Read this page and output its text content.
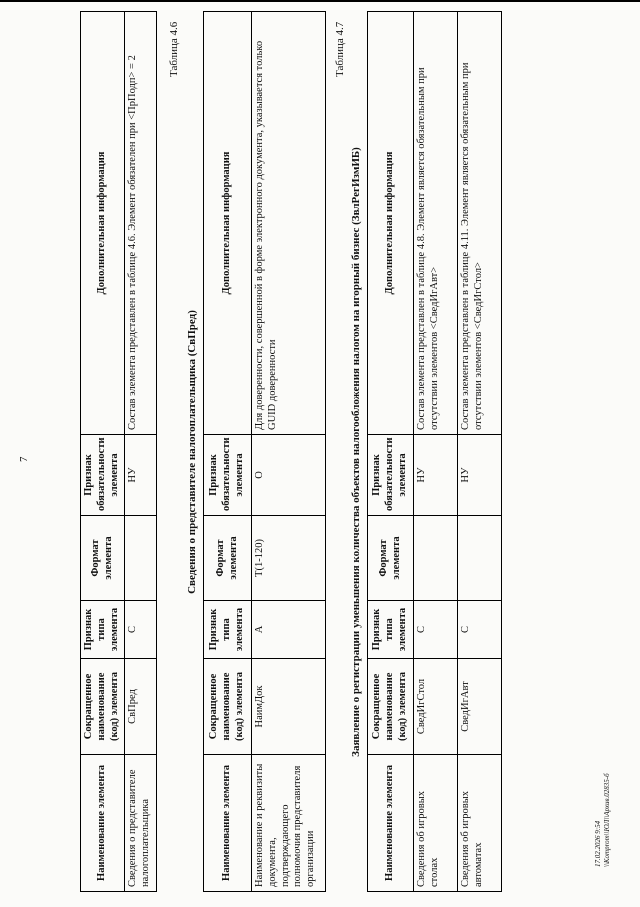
7
Наименование элемента	Сокращенное наименование (код) элемента	Признак типа элемента	Формат элемента	Признак обязательности элемента	Дополнительная информация
Сведения о представителе налогоплательщика	СвПред	С		НУ	Состав элемента представлен в таблице 4.6. Элемент обязателен при <ПрПодп> = 2
Таблица 4.6
Сведения о представителе налогоплательщика (СвПред)
Наименование элемента	Сокращенное наименование (код) элемента	Признак типа элемента	Формат элемента	Признак обязательности элемента	Дополнительная информация
Наименование и реквизиты документа, подтверждающего полномочия представителя организации	НаимДок	А	T(1-120)	О	Для доверенности, совершенной в форме электронного документа, указывается только GUID доверенности
Таблица 4.7
Заявление о регистрации уменьшения количества объектов налогообложения налогом на игорный бизнес (ЗвлРегИзмИБ)
Наименование элемента	Сокращенное наименование (код) элемента	Признак типа элемента	Формат элемента	Признак обязательности элемента	Дополнительная информация
Сведения об игровых столах	СведИгСтол	С		НУ	Состав элемента представлен в таблице 4.8. Элемент является обязательным при отсутствии элементов <СведИгАвт>
Сведения об игровых автоматах	СведИгАвт	С		НУ	Состав элемента представлен в таблице 4.11. Элемент является обязательным при отсутствии элементов <СведИгСтол>
17.02.2026 9:54 \\Komprom\\ЮЛ\\Архив.02835-б
